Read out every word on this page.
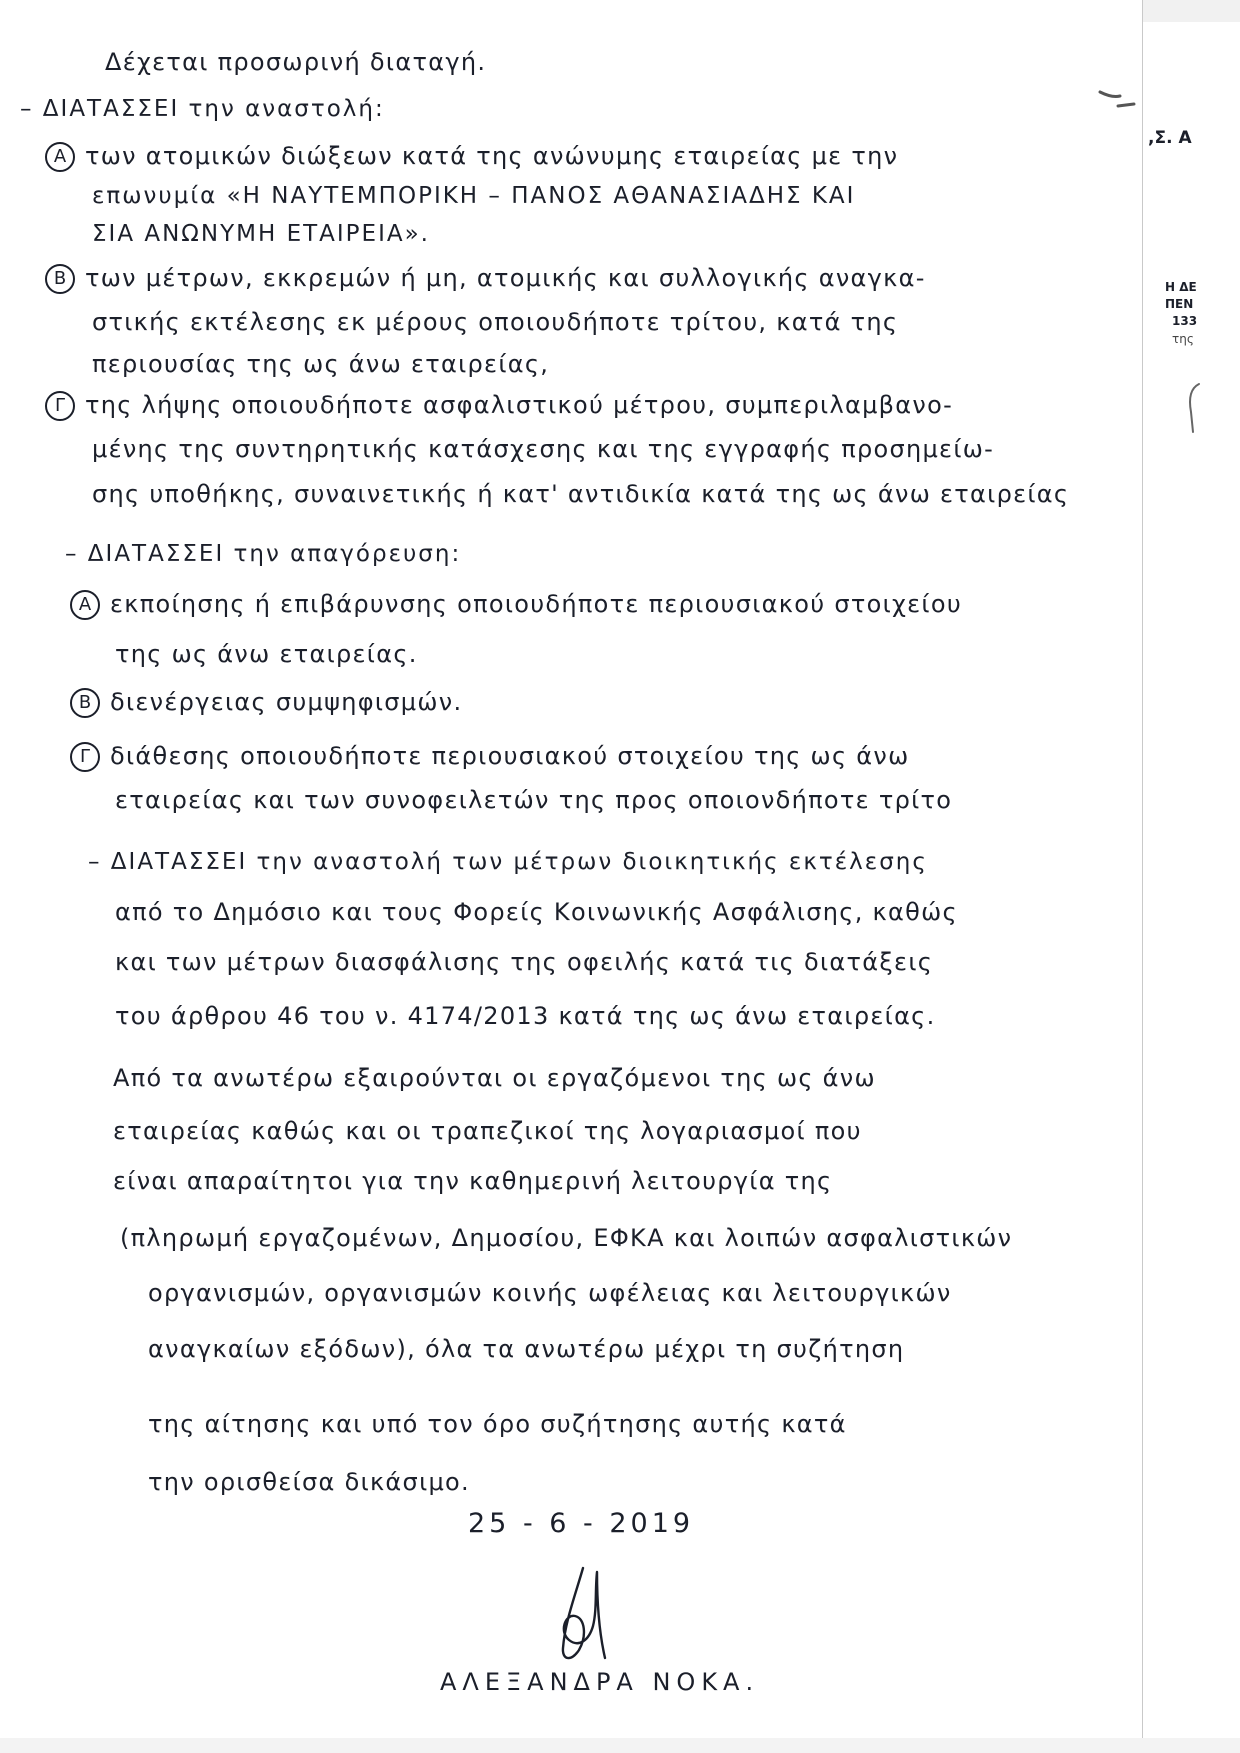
,Σ. Α
Η ΔΕ
ΠΕΝ
133
της
Δέχεται προσωρινή διαταγή.
– ΔΙΑΤΑΣΣΕΙ την αναστολή:
A των ατομικών διώξεων κατά της ανώνυμης εταιρείας με την
επωνυμία «Η ΝΑΥΤΕΜΠΟΡΙΚΗ – ΠΑΝΟΣ ΑΘΑΝΑΣΙΑΔΗΣ ΚΑΙ
ΣΙΑ ΑΝΩΝΥΜΗ ΕΤΑΙΡΕΙΑ».
B των μέτρων, εκκρεμών ή μη, ατομικής και συλλογικής αναγκα-
στικής εκτέλεσης εκ μέρους οποιουδήποτε τρίτου, κατά της
περιουσίας της ως άνω εταιρείας,
Γ της λήψης οποιουδήποτε ασφαλιστικού μέτρου, συμπεριλαμβανο-
μένης της συντηρητικής κατάσχεσης και της εγγραφής προσημείω-
σης υποθήκης, συναινετικής ή κατ' αντιδικία κατά της ως άνω εταιρείας
– ΔΙΑΤΑΣΣΕΙ την απαγόρευση:
A εκποίησης ή επιβάρυνσης οποιουδήποτε περιουσιακού στοιχείου
της ως άνω εταιρείας.
B διενέργειας συμψηφισμών.
Γ διάθεσης οποιουδήποτε περιουσιακού στοιχείου της ως άνω
εταιρείας και των συνοφειλετών της προς οποιονδήποτε τρίτο
– ΔΙΑΤΑΣΣΕΙ την αναστολή των μέτρων διοικητικής εκτέλεσης
από το Δημόσιο και τους Φορείς Κοινωνικής Ασφάλισης, καθώς
και των μέτρων διασφάλισης της οφειλής κατά τις διατάξεις
του άρθρου 46 του ν. 4174/2013 κατά της ως άνω εταιρείας.
Από τα ανωτέρω εξαιρούνται οι εργαζόμενοι της ως άνω
εταιρείας καθώς και οι τραπεζικοί της λογαριασμοί που
είναι απαραίτητοι για την καθημερινή λειτουργία της
(πληρωμή εργαζομένων, Δημοσίου, ΕΦΚΑ και λοιπών ασφαλιστικών
οργανισμών, οργανισμών κοινής ωφέλειας και λειτουργικών
αναγκαίων εξόδων), όλα τα ανωτέρω μέχρι τη συζήτηση
της αίτησης και υπό τον όρο συζήτησης αυτής κατά
την ορισθείσα δικάσιμο.
25 - 6 - 2019
ΑΛΕΞΑΝΔΡΑ ΝΟΚΑ.
